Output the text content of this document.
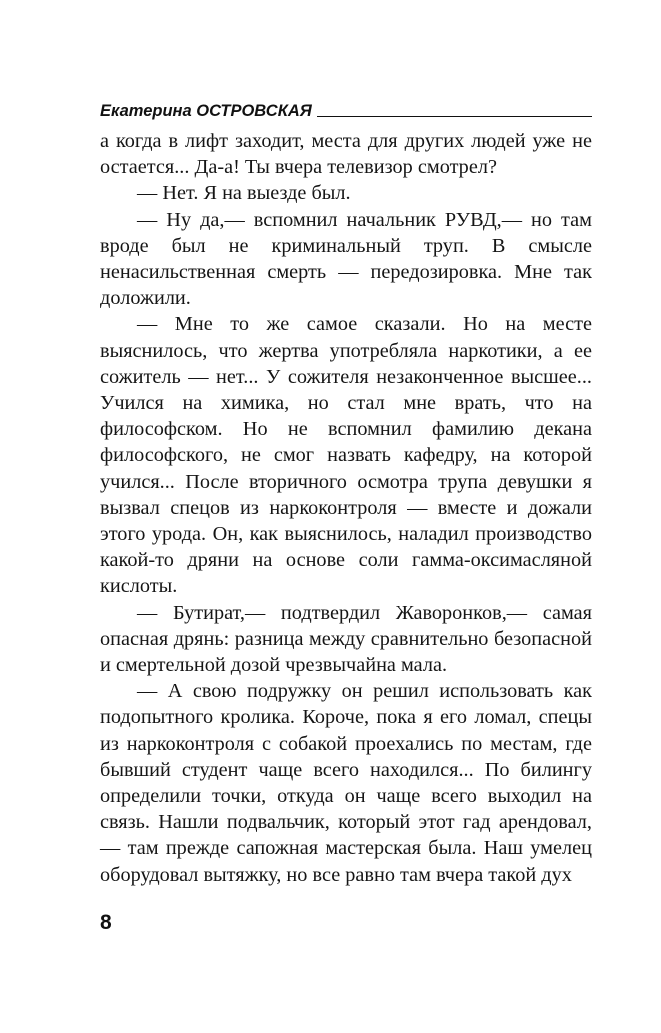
Екатерина ОСТРОВСКАЯ

а когда в лифт заходит, места для других людей уже не остается... Да-а! Ты вчера телевизор смотрел?

— Нет. Я на выезде был.

— Ну да,— вспомнил начальник РУВД,— но там вроде был не криминальный труп. В смысле ненасильственная смерть — передозировка. Мне так доложили.

— Мне то же самое сказали. Но на месте выяснилось, что жертва употребляла наркотики, а ее сожитель — нет... У сожителя незаконченное высшее... Учился на химика, но стал мне врать, что на философском. Но не вспомнил фамилию декана философского, не смог назвать кафедру, на которой учился... После вторичного осмотра трупа девушки я вызвал спецов из наркоконтроля — вместе и дожали этого урода. Он, как выяснилось, наладил производство какой-то дряни на основе соли гамма-оксимасляной кислоты.

— Бутират,— подтвердил Жаворонков,— самая опасная дрянь: разница между сравнительно безопасной и смертельной дозой чрезвычайна мала.

— А свою подружку он решил использовать как подопытного кролика. Короче, пока я его ломал, спецы из наркоконтроля с собакой проехались по местам, где бывший студент чаще всего находился... По билингу определили точки, откуда он чаще всего выходил на связь. Нашли подвальчик, который этот гад арендовал,— там прежде сапожная мастерская была. Наш умелец оборудовал вытяжку, но все равно там вчера такой дух

8
